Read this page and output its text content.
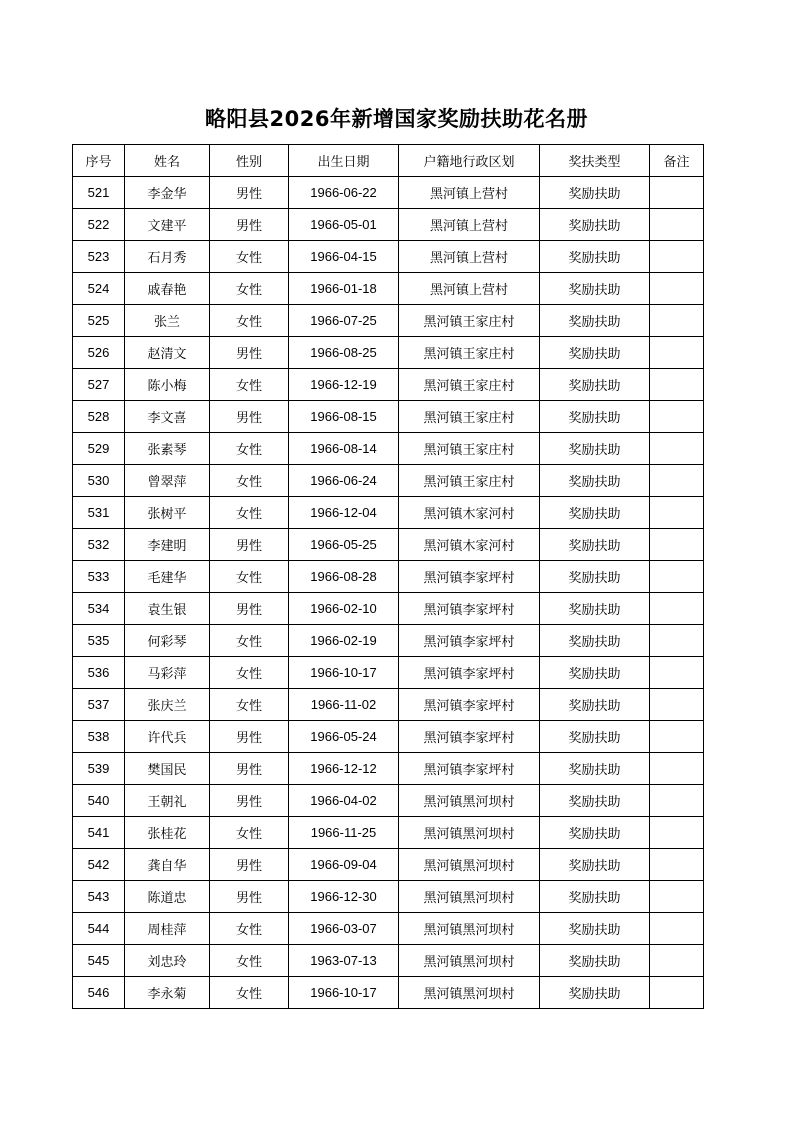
略阳县2026年新增国家奖励扶助花名册
序号	姓名	性别	出生日期	户籍地行政区划	奖扶类型	备注
521	李金华	男性	1966-06-22	黑河镇上营村	奖励扶助	
522	文建平	男性	1966-05-01	黑河镇上营村	奖励扶助	
523	石月秀	女性	1966-04-15	黑河镇上营村	奖励扶助	
524	戚春艳	女性	1966-01-18	黑河镇上营村	奖励扶助	
525	张兰	女性	1966-07-25	黑河镇王家庄村	奖励扶助	
526	赵清文	男性	1966-08-25	黑河镇王家庄村	奖励扶助	
527	陈小梅	女性	1966-12-19	黑河镇王家庄村	奖励扶助	
528	李文喜	男性	1966-08-15	黑河镇王家庄村	奖励扶助	
529	张素琴	女性	1966-08-14	黑河镇王家庄村	奖励扶助	
530	曾翠萍	女性	1966-06-24	黑河镇王家庄村	奖励扶助	
531	张树平	女性	1966-12-04	黑河镇木家河村	奖励扶助	
532	李建明	男性	1966-05-25	黑河镇木家河村	奖励扶助	
533	毛建华	女性	1966-08-28	黑河镇李家坪村	奖励扶助	
534	袁生银	男性	1966-02-10	黑河镇李家坪村	奖励扶助	
535	何彩琴	女性	1966-02-19	黑河镇李家坪村	奖励扶助	
536	马彩萍	女性	1966-10-17	黑河镇李家坪村	奖励扶助	
537	张庆兰	女性	1966-11-02	黑河镇李家坪村	奖励扶助	
538	许代兵	男性	1966-05-24	黑河镇李家坪村	奖励扶助	
539	樊国民	男性	1966-12-12	黑河镇李家坪村	奖励扶助	
540	王朝礼	男性	1966-04-02	黑河镇黑河坝村	奖励扶助	
541	张桂花	女性	1966-11-25	黑河镇黑河坝村	奖励扶助	
542	龚自华	男性	1966-09-04	黑河镇黑河坝村	奖励扶助	
543	陈道忠	男性	1966-12-30	黑河镇黑河坝村	奖励扶助	
544	周桂萍	女性	1966-03-07	黑河镇黑河坝村	奖励扶助	
545	刘忠玲	女性	1963-07-13	黑河镇黑河坝村	奖励扶助	
546	李永菊	女性	1966-10-17	黑河镇黑河坝村	奖励扶助	
